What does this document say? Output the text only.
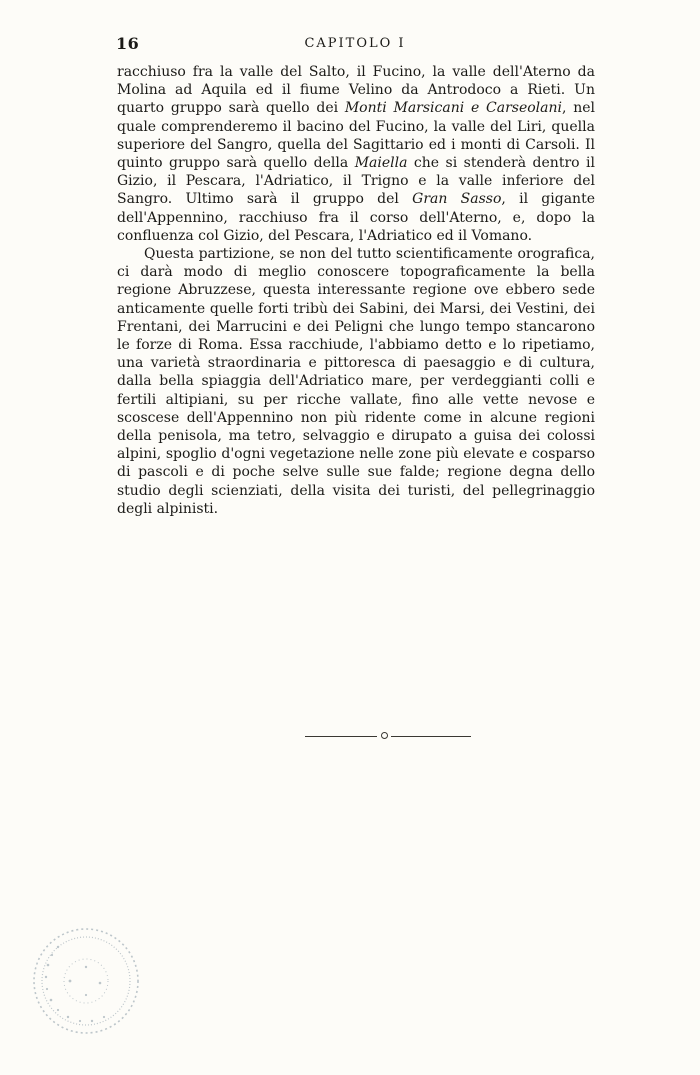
16	CAPITOLO I

racchiuso fra la valle del Salto, il Fucino, la valle dell'Aterno da Molina ad Aquila ed il fiume Velino da Antrodoco a Rieti. Un quarto gruppo sarà quello dei Monti Marsicani e Carseolani, nel quale comprenderemo il bacino del Fucino, la valle del Liri, quella superiore del Sangro, quella del Sagittario ed i monti di Carsoli. Il quinto gruppo sarà quello della Maiella che si stenderà dentro il Gizio, il Pescara, l'Adriatico, il Trigno e la valle inferiore del Sangro. Ultimo sarà il gruppo del Gran Sasso, il gigante dell'Appennino, racchiuso fra il corso dell'Aterno, e, dopo la confluenza col Gizio, del Pescara, l'Adriatico ed il Vomano.

Questa partizione, se non del tutto scientificamente orografica, ci darà modo di meglio conoscere topograficamente la bella regione Abruzzese, questa interessante regione ove ebbero sede anticamente quelle forti tribù dei Sabini, dei Marsi, dei Vestini, dei Frentani, dei Marrucini e dei Peligni che lungo tempo stancarono le forze di Roma. Essa racchiude, l'abbiamo detto e lo ripetiamo, una varietà straordinaria e pittoresca di paesaggio e di cultura, dalla bella spiaggia dell'Adriatico mare, per verdeggianti colli e fertili altipiani, su per ricche vallate, fino alle vette nevose e scoscese dell'Appennino non più ridente come in alcune regioni della penisola, ma tetro, selvaggio e dirupato a guisa dei colossi alpini, spoglio d'ogni vegetazione nelle zone più elevate e cosparso di pascoli e di poche selve sulle sue falde; regione degna dello studio degli scienziati, della visita dei turisti, del pellegrinaggio degli alpinisti.
